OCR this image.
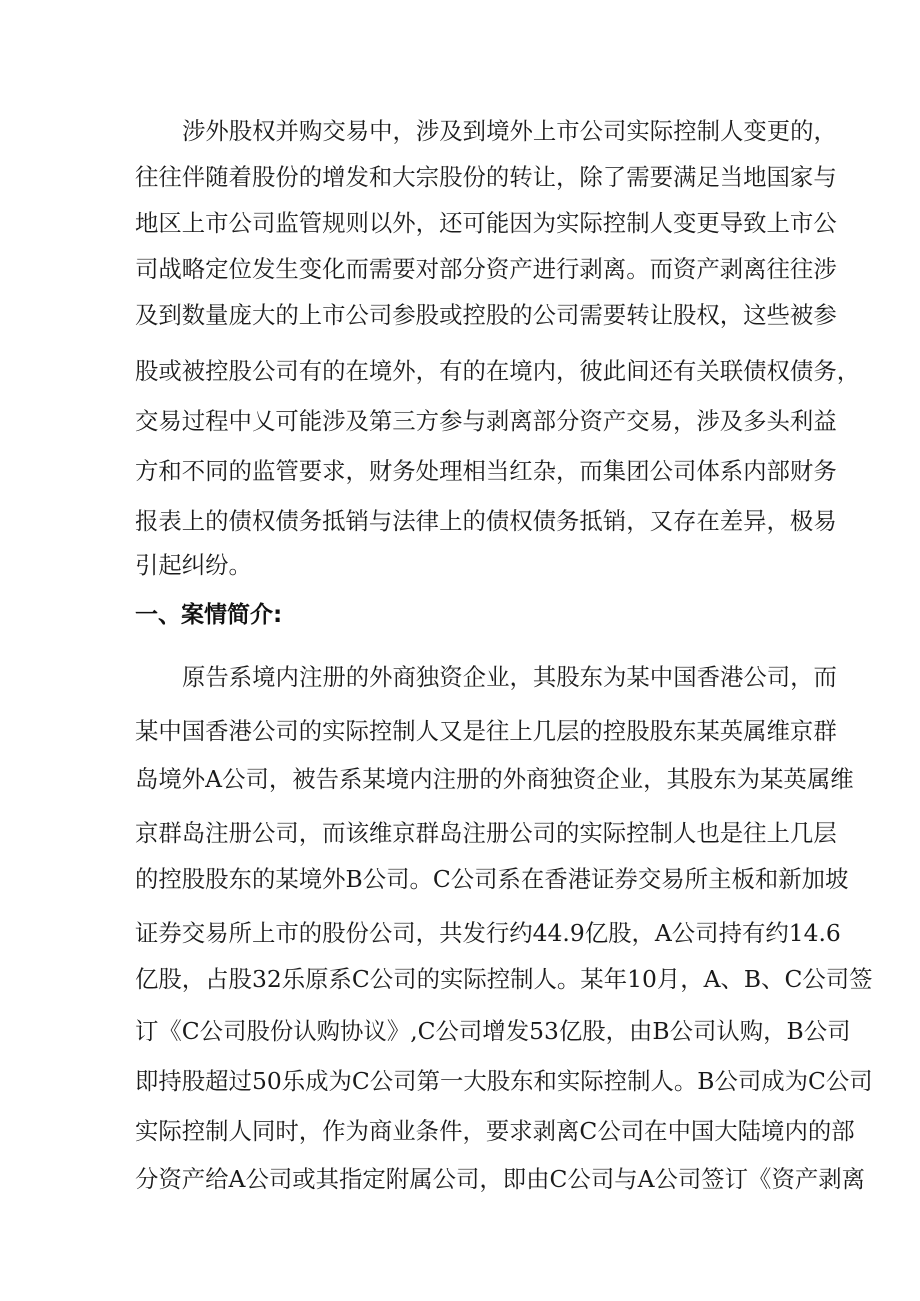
涉外股权并购交易中，涉及到境外上市公司实际控制人变更的，
往往伴随着股份的增发和大宗股份的转让，除了需要满足当地国家与
地区上市公司监管规则以外，还可能因为实际控制人变更导致上市公
司战略定位发生变化而需要对部分资产进行剥离。而资产剥离往往涉
及到数量庞大的上市公司参股或控股的公司需要转让股权，这些被参
股或被控股公司有的在境外，有的在境内，彼此间还有关联债权债务，
交易过程中乂可能涉及第三方参与剥离部分资产交易，涉及多头利益
方和不同的监管要求，财务处理相当红杂，而集团公司体系内部财务
报表上的债权债务抵销与法律上的债权债务抵销，又存在差异，极易
引起纠纷。
一、案情简介:
原告系境内注册的外商独资企业，其股东为某中国香港公司，而
某中国香港公司的实际控制人又是往上几层的控股股东某英属维京群
岛境外A公司，被告系某境内注册的外商独资企业，其股东为某英属维
京群岛注册公司，而该维京群岛注册公司的实际控制人也是往上几层
的控股股东的某境外B公司。C公司系在香港证券交易所主板和新加坡
证券交易所上市的股份公司，共发行约44.9亿股，A公司持有约14.6
亿股，占股32乐原系C公司的实际控制人。某年10月，A、B、C公司签
订《C公司股份认购协议》,C公司增发53亿股，由B公司认购，B公司
即持股超过50乐成为C公司第一大股东和实际控制人。B公司成为C公司
实际控制人同时，作为商业条件，要求剥离C公司在中国大陆境内的部
分资产给A公司或其指定附属公司，即由C公司与A公司签订《资产剥离
